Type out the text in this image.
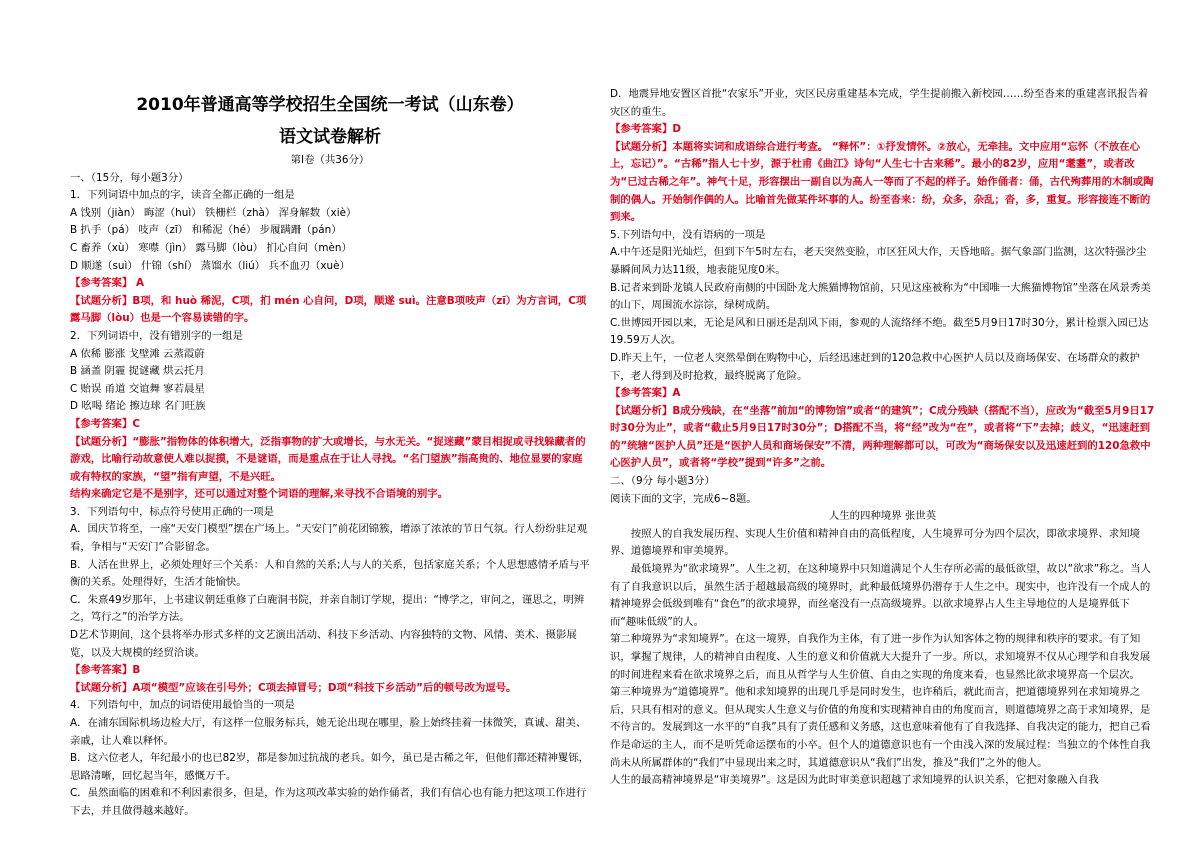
2010年普通高等学校招生全国统一考试（山东卷）
语文试卷解析
第Ⅰ卷（共36分）

一、（15分，每小题3分）

1．下列词语中加点的字，读音全都正确的一组是

A 饯别（jiàn） 晦涩（huì） 铁栅栏（zhà） 浑身解数（xiè）

B 扒手（pá） 吱声（zī） 和稀泥（hé） 步履蹒跚（pán）

C 畜养（xù） 寒噤（jìn） 露马脚（lòu） 扪心自问（mèn）

D 顺遂（suì） 什锦（shí） 蒸馏水（liú） 兵不血刃（xuè）

【参考答案】 A

【试题分析】B项，和 huò 稀泥，C项，扪 mén 心自问，D项，顺遂 suì。注意B项吱声（zī）为方言词，C项露马脚（lòu）也是一个容易读错的字。

2．下列词语中，没有错别字的一组是

A 依稀 膨涨 戈壁滩 云蒸霞蔚

B 涵盖 阴霾 捉谜藏 烘云托月

C 贻误 甬道 交谊舞 寥若晨星

D 吆喝 绪论 擦边球 名门旺族

【参考答案】C

【试题分析】“膨胀”指物体的体积增大，泛指事物的扩大或增长，与水无关。“捉迷藏”蒙目相捉或寻找躲藏者的游戏，比喻行动故意使人难以捉摸，不是谜语，而是重点在于让人寻找。“名门望族”指高贵的、地位显要的家庭或有特权的家族，“望”指有声望，不是兴旺。

结构来确定它是不是别字，还可以通过对整个词语的理解,来寻找不合语境的别字。

3．下列语句中，标点符号使用正确的一项是

A．国庆节将至，一座“天安门模型”摆在广场上。“天安门”前花团锦簇，增添了浓浓的节日气氛。行人纷纷驻足观看，争相与“天安门”合影留念。

B．人活在世界上，必须处理好三个关系：人和自然的关系;人与人的关系，包括家庭关系；个人思想感情矛盾与平衡的关系。处理得好，生活才能愉快。

C．朱熹49岁那年，上书建议朝廷重修了白鹿洞书院，并亲自制订学规，提出：“博学之，审问之，谨思之，明辨之，笃行之”的治学方法。

D艺术节期间，这个县将举办形式多样的文艺演出活动、科技下乡活动、内容独特的文物、风情、美术、摄影展览，以及大规模的经贸洽谈。

【参考答案】B

【试题分析】A项“模型”应该在引号外；C项去掉冒号；D项“科技下乡活动”后的顿号改为逗号。

4．下列语句中，加点的词语使用最恰当的一项是

A．在浦东国际机场边检大厅，有这样一位服务标兵，她无论出现在哪里，脸上始终挂着一抹微笑，真诚、甜美、亲戚，让人难以释怀。

B．这六位老人，年纪最小的也已82岁，都是参加过抗战的老兵。如今，虽已是古稀之年，但他们都还精神矍铄，思路清晰，回忆起当年，感慨万千。

C．虽然面临的困难和不利因素很多，但是，作为这项改革实验的始作俑者，我们有信心也有能力把这项工作进行下去，并且做得越来越好。

D．地震异地安置区首批“农家乐”开业，灾区民房重建基本完成，学生提前搬入新校园……纷至沓来的重建喜讯报告着灾区的重生。

【参考答案】D

【试题分析】本题将实词和成语综合进行考查。 “释怀”：①抒发情怀。②放心，无牵挂。文中应用“忘怀（不放在心上，忘记）”。“古稀”指人七十岁，源于杜甫《曲江》诗句“人生七十古来稀”。最小的82岁，应用“耄耋”，或者改为“已过古稀之年”。神气十足，形容摆出一副自以为高人一等而了不起的样子。始作俑者：俑，古代殉葬用的木制或陶制的偶人。开始制作偶的人。比喻首先做某件坏事的人。纷至沓来：纷，众多，杂乱；沓，多，重复。形容接连不断的到来。

5.下列语句中，没有语病的一项是

A.中午还是阳光灿烂，但到下午5时左右，老天突然变脸，市区狂风大作，天昏地暗。据气象部门监测，这次特强沙尘暴瞬间风力达11级，地表能见度0米。

B.记者来到卧龙镇人民政府南侧的中国卧龙大熊猫博物馆前，只见这座被称为“中国唯一大熊猫博物馆”坐落在风景秀美的山下，周围流水淙淙，绿树成荫。

C.世博园开园以来，无论是风和日丽还是刮风下雨，参观的人流络绎不绝。截至5月9日17时30分，累计检票入园已达19.59万人次。

D.昨天上午，一位老人突然晕倒在购物中心，后经迅速赶到的120急救中心医护人员以及商场保安、在场群众的救护下，老人得到及时抢救，最终脱离了危险。

【参考答案】A

【试题分析】B成分残缺，在“坐落”前加“的博物馆”或者“的建筑”；C成分残缺（搭配不当），应改为“截至5月9日17时30分为止”，或者“截止5月9日17时30分”；D搭配不当，将“经”改为“在”，或者将“下”去掉；歧义，“迅速赶到的”统辖“医护人员”还是“医护人员和商场保安”不清，两种理解都可以，可改为“商场保安以及迅速赶到的120急救中心医护人员”，或者将“学校”提到“许多”之前。

二、（9分 每小题3分）

阅读下面的文字，完成6~8题。

人生的四种境界 张世英

按照人的自我发展历程、实现人生价值和精神自由的高低程度，人生境界可分为四个层次，即欲求境界、求知境界、道德境界和审美境界。

最低境界为“欲求境界”。人生之初，在这种境界中只知道满足个人生存所必需的最低欲望，故以“欲求”称之。当人有了自我意识以后，虽然生活于超越最高级的境界时，此种最低境界仍潜存于人生之中。现实中，也许没有一个成人的精神境界会低级到唯有“食色”的欲求境界，而丝毫没有一点高级境界。以欲求境界占人生主导地位的人是境界低下而“趣味低级”的人。

第二种境界为“求知境界”。在这一境界，自我作为主体，有了进一步作为认知客体之物的规律和秩序的要求。有了知识，掌握了规律，人的精神自由程度、人生的意义和价值就大大提升了一步。所以，求知境界不仅从心理学和自我发展的时间进程来看在欲求境界之后，而且从哲学与人生价值、自由之实现的角度来看，也显然比欲求境界高一个层次。

第三种境界为“道德境界”。他和求知境界的出现几乎是同时发生，也许稍后，就此而言，把道德境界列在求知境界之后，只具有相对的意义。但从现实人生意义与价值的角度和实现精神自由的角度而言，则道德境界之高于求知境界，是不待言的。发展到这一水平的“自我”具有了责任感和义务感，这也意味着他有了自我选择、自我决定的能力，把自己看作是命运的主人，而不是听凭命运摆布的小卒。但个人的道德意识也有一个由浅入深的发展过程：当独立的个体性自我尚未从所属群体的“我们”中显现出来之时，其道德意识从“我们”出发，推及“我们”之外的他人。

人生的最高精神境界是“审美境界”。这是因为此时审美意识超越了求知境界的认识关系，它把对象融入自我
